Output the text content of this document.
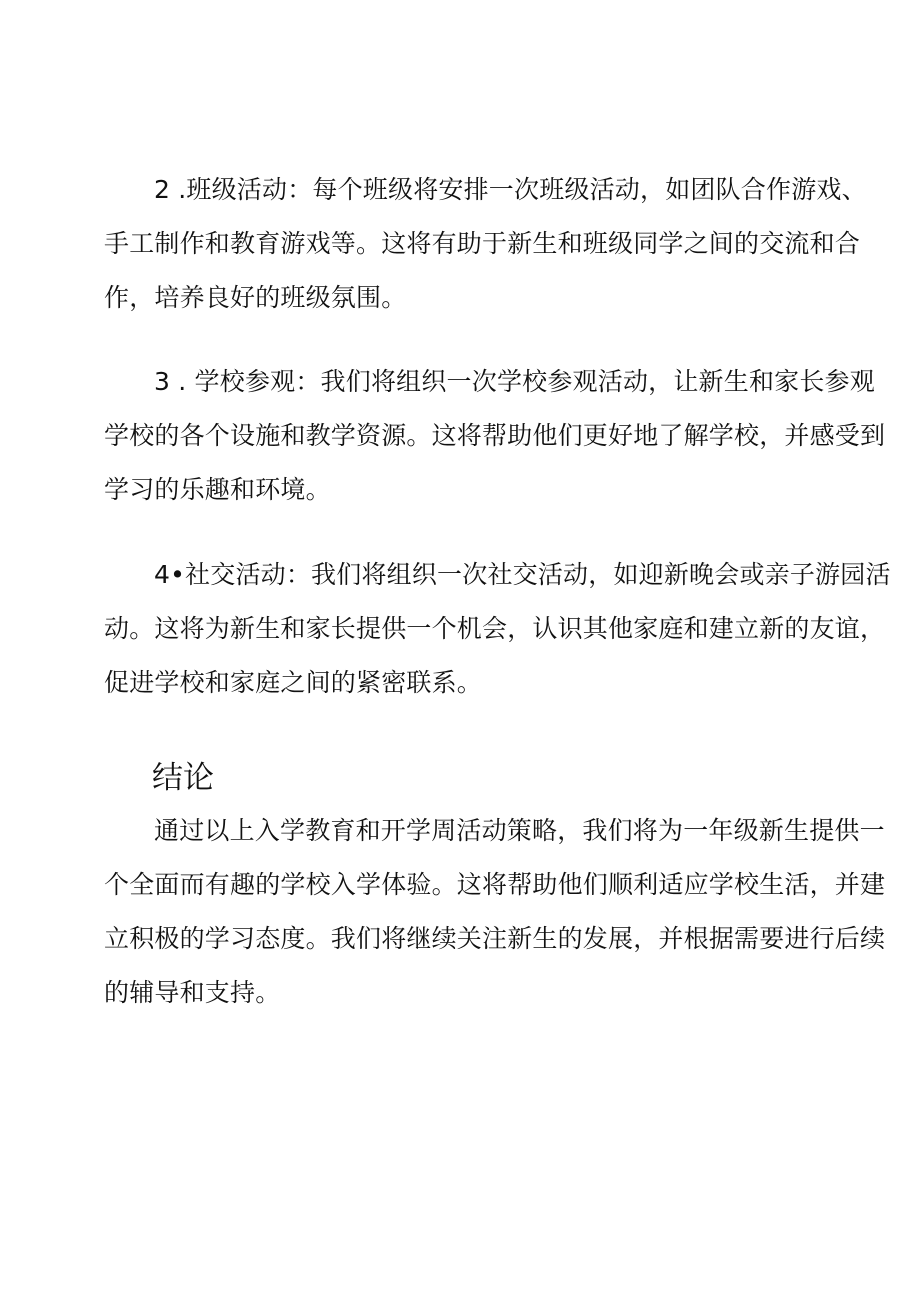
2 .班级活动：每个班级将安排一次班级活动，如团队合作游戏、
手工制作和教育游戏等。这将有助于新生和班级同学之间的交流和合
作，培养良好的班级氛围。

3 . 学校参观：我们将组织一次学校参观活动，让新生和家长参观
学校的各个设施和教学资源。这将帮助他们更好地了解学校，并感受到
学习的乐趣和环境。

4•社交活动：我们将组织一次社交活动，如迎新晚会或亲子游园活
动。这将为新生和家长提供一个机会，认识其他家庭和建立新的友谊，
促进学校和家庭之间的紧密联系。

结论

通过以上入学教育和开学周活动策略，我们将为一年级新生提供一
个全面而有趣的学校入学体验。这将帮助他们顺利适应学校生活，并建
立积极的学习态度。我们将继续关注新生的发展，并根据需要进行后续
的辅导和支持。
